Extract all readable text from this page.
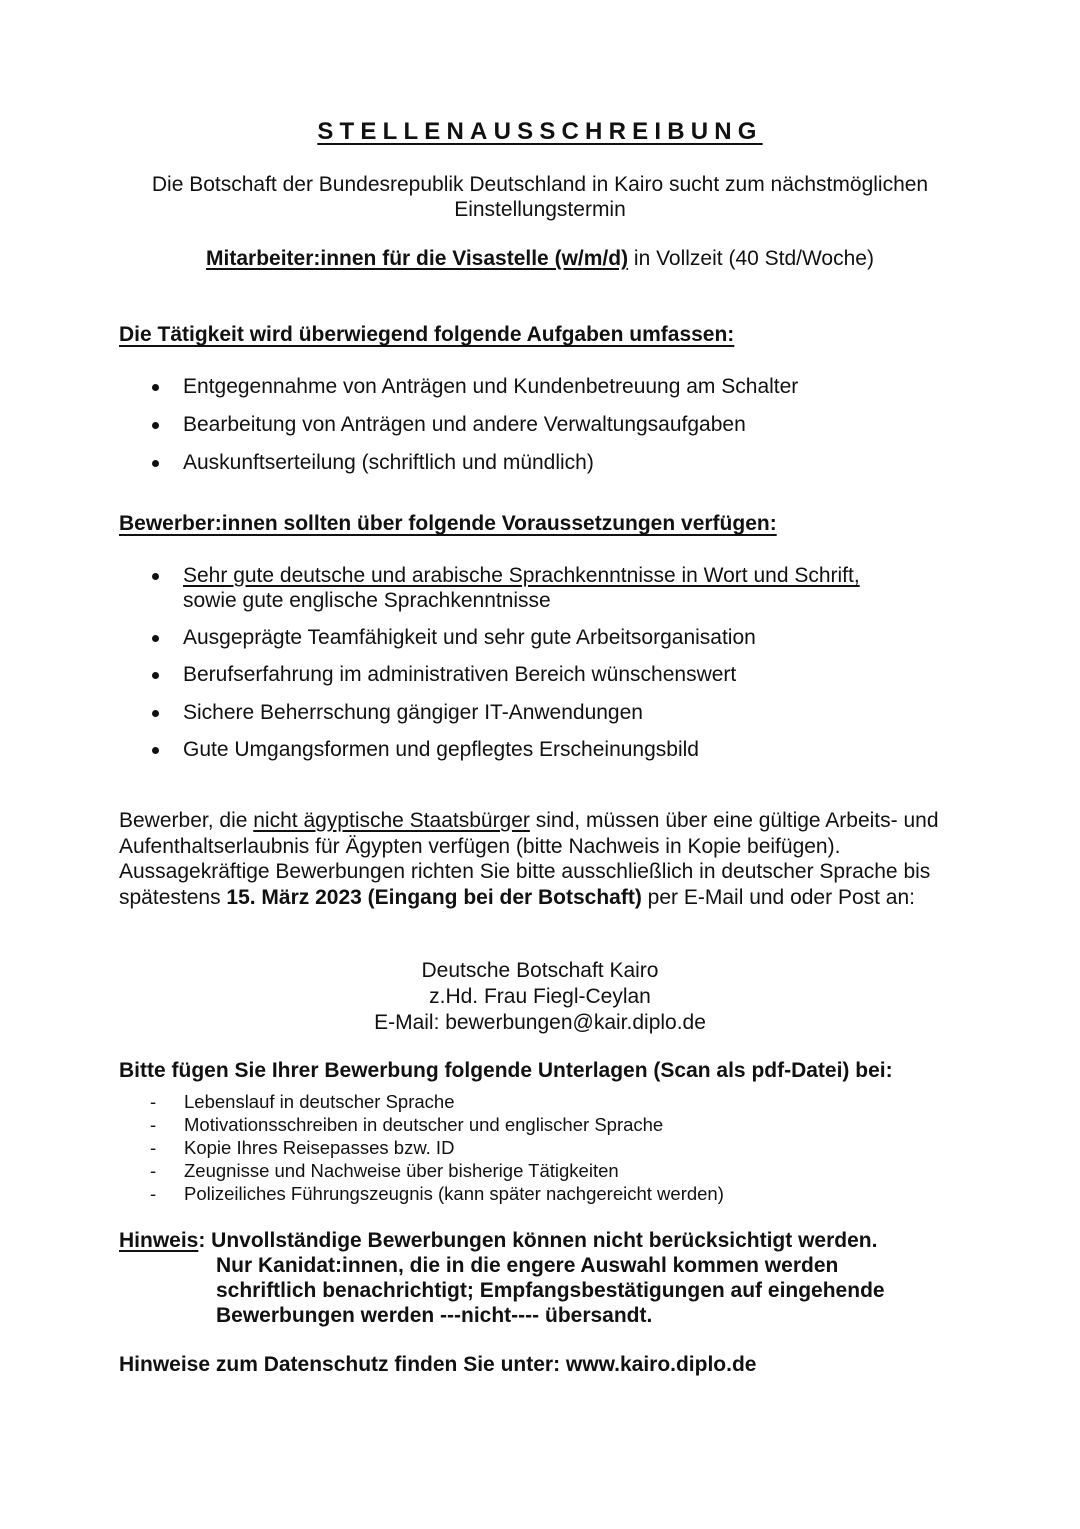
STELLENAUSSCHREIBUNG
Die Botschaft der Bundesrepublik Deutschland in Kairo sucht zum nächstmöglichen
Einstellungstermin
Mitarbeiter:innen für die Visastelle (w/m/d) in Vollzeit (40 Std/Woche)
Die Tätigkeit wird überwiegend folgende Aufgaben umfassen:
Entgegennahme von Anträgen und Kundenbetreuung am Schalter
Bearbeitung von Anträgen und andere Verwaltungsaufgaben
Auskunftserteilung (schriftlich und mündlich)
Bewerber:innen sollten über folgende Voraussetzungen verfügen:
Sehr gute deutsche und arabische Sprachkenntnisse in Wort und Schrift,
sowie gute englische Sprachkenntnisse
Ausgeprägte Teamfähigkeit und sehr gute Arbeitsorganisation
Berufserfahrung im administrativen Bereich wünschenswert
Sichere Beherrschung gängiger IT-Anwendungen
Gute Umgangsformen und gepflegtes Erscheinungsbild
Bewerber, die nicht ägyptische Staatsbürger sind, müssen über eine gültige Arbeits- und
Aufenthaltserlaubnis für Ägypten verfügen (bitte Nachweis in Kopie beifügen).
Aussagekräftige Bewerbungen richten Sie bitte ausschließlich in deutscher Sprache bis
spätestens 15. März 2023 (Eingang bei der Botschaft) per E-Mail und oder Post an:
Deutsche Botschaft Kairo
z.Hd. Frau Fiegl-Ceylan
E-Mail: bewerbungen@kair.diplo.de
Bitte fügen Sie Ihrer Bewerbung folgende Unterlagen (Scan als pdf-Datei) bei:
- Lebenslauf in deutscher Sprache
- Motivationsschreiben in deutscher und englischer Sprache
- Kopie Ihres Reisepasses bzw. ID
- Zeugnisse und Nachweise über bisherige Tätigkeiten
- Polizeiliches Führungszeugnis (kann später nachgereicht werden)
Hinweis: Unvollständige Bewerbungen können nicht berücksichtigt werden.
Nur Kanidat:innen, die in die engere Auswahl kommen werden
schriftlich benachrichtigt; Empfangsbestätigungen auf eingehende
Bewerbungen werden ---nicht---- übersandt.
Hinweise zum Datenschutz finden Sie unter: www.kairo.diplo.de
